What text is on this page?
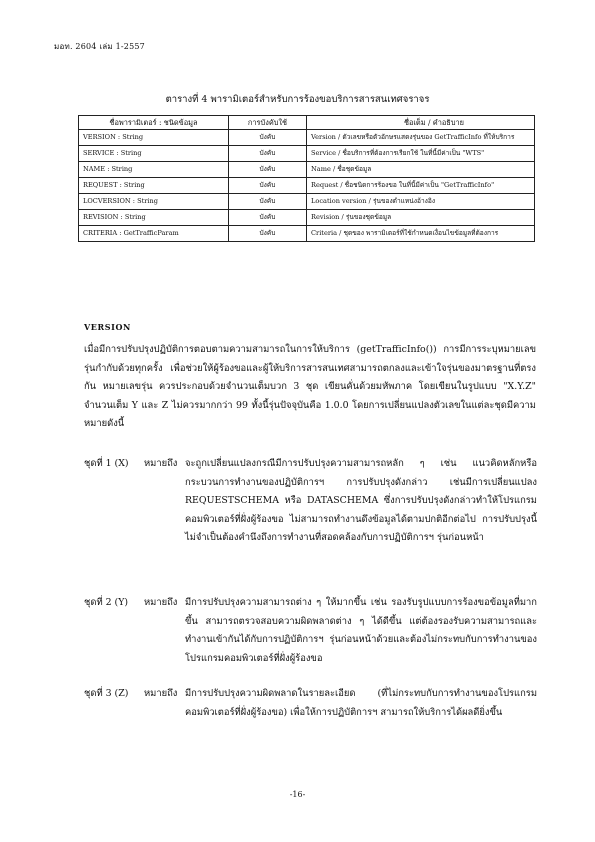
มอท. 2604 เล่ม 1-2557
ตารางที่ 4 พารามิเตอร์สำหรับการร้องขอบริการสารสนเทศจราจร
ชื่อพารามิเตอร์ : ชนิดข้อมูล	การบังคับใช้	ชื่อเต็ม / คำอธิบาย
VERSION : String	บังคับ	Version / ตัวเลขหรือตัวอักษรแสดงรุ่นของ GetTrafficInfo ที่ให้บริการ
SERVICE : String	บังคับ	Service / ชื่อบริการที่ต้องการเรียกใช้ ในที่นี้มีค่าเป็น "WTS"
NAME : String	บังคับ	Name / ชื่อชุดข้อมูล
REQUEST : String	บังคับ	Request / ชื่อชนิดการร้องขอ ในที่นี้มีค่าเป็น "GetTrafficInfo"
LOCVERSION : String	บังคับ	Location version / รุ่นของตำแหน่งอ้างอิง
REVISION : String	บังคับ	Revision / รุ่นของชุดข้อมูล
CRITERIA : GetTrafficParam	บังคับ	Criteria / ชุดของ พารามิเตอร์ที่ใช้กำหนดเงื่อนไขข้อมูลที่ต้องการ
VERSION
เมื่อมีการปรับปรุงปฏิบัติการตอบตามความสามารถในการให้บริการ (getTrafficInfo()) การมีการระบุหมายเลขรุ่นกำกับด้วยทุกครั้ง เพื่อช่วยให้ผู้ร้องขอและผู้ให้บริการสารสนเทศสามารถตกลงและเข้าใจรุ่นของมาตรฐานที่ตรงกัน หมายเลขรุ่น ควรประกอบด้วยจำนวนเต็มบวก 3 ชุด เขียนคั่นด้วยมหัพภาค โดยเขียนในรูปแบบ "X.Y.Z" จำนวนเต็ม Y และ Z ไม่ควรมากกว่า 99 ทั้งนี้รุ่นปัจจุบันคือ 1.0.0 โดยการเปลี่ยนแปลงตัวเลขในแต่ละชุดมีความหมายดังนี้
ชุดที่ 1 (X)	หมายถึง จะถูกเปลี่ยนแปลงกรณีมีการปรับปรุงความสามารถหลัก ๆ เช่น แนวคิดหลักหรือกระบวนการทำงานของปฏิบัติการฯ การปรับปรุงดังกล่าว เช่นมีการเปลี่ยนแปลง REQUESTSCHEMA หรือ DATASCHEMA ซึ่งการปรับปรุงดังกล่าวทำให้โปรแกรมคอมพิวเตอร์ที่ฝั่งผู้ร้องขอ ไม่สามารถทำงานดึงข้อมูลได้ตามปกติอีกต่อไป การปรับปรุงนี้ไม่จำเป็นต้องคำนึงถึงการทำงานที่สอดคล้องกับการปฏิบัติการฯ รุ่นก่อนหน้า
ชุดที่ 2 (Y)	หมายถึง มีการปรับปรุงความสามารถต่าง ๆ ให้มากขึ้น เช่น รองรับรูปแบบการร้องขอข้อมูลที่มากขึ้น สามารถตรวจสอบความผิดพลาดต่าง ๆ ได้ดีขึ้น แต่ต้องรองรับความสามารถและทำงานเข้ากันได้กับการปฏิบัติการฯ รุ่นก่อนหน้าด้วยและต้องไม่กระทบกับการทำงานของโปรแกรมคอมพิวเตอร์ที่ฝั่งผู้ร้องขอ
ชุดที่ 3 (Z)	หมายถึง มีการปรับปรุงความผิดพลาดในรายละเอียด (ที่ไม่กระทบกับการทำงานของโปรแกรมคอมพิวเตอร์ที่ฝั่งผู้ร้องขอ) เพื่อให้การปฏิบัติการฯ สามารถให้บริการได้ผลดียิ่งขึ้น
-16-
